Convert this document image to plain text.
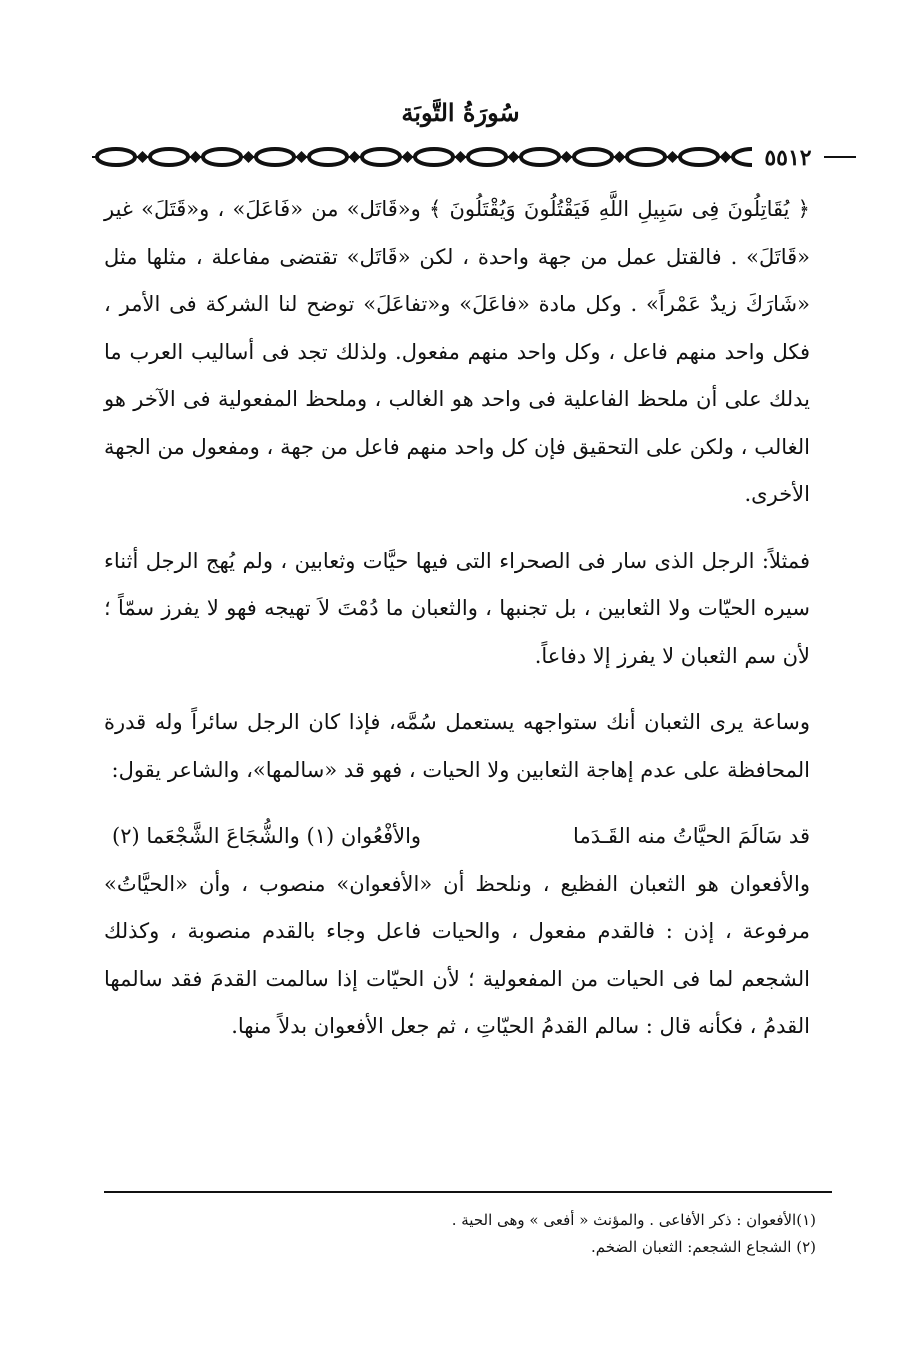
سُورَةُ التَّوبَة
٥٥١٢

﴿ يُقَاتِلُونَ فِى سَبِيلِ اللَّهِ فَيَقْتُلُونَ وَيُقْتَلُونَ ﴾ و«قَاتَل» من «فَاعَلَ» ، و«قَتَلَ» غير «قَاتَلَ» . فالقتل عمل من جهة واحدة ، لكن «قَاتَل» تقتضى مفاعلة ، مثلها مثل «شَارَكَ زيدٌ عَمْراً» . وكل مادة «فاعَلَ» و«تفاعَلَ» توضح لنا الشركة فى الأمر ، فكل واحد منهم فاعل ، وكل واحد منهم مفعول. ولذلك تجد فى أساليب العرب ما يدلك على أن ملحظ الفاعلية فى واحد هو الغالب ، وملحظ المفعولية فى الآخر هو الغالب ، ولكن على التحقيق فإن كل واحد منهم فاعل من جهة ، ومفعول من الجهة الأخرى.

فمثلاً: الرجل الذى سار فى الصحراء التى فيها حيَّات وثعابين ، ولم يُهج الرجل أثناء سيره الحيّات ولا الثعابين ، بل تجنبها ، والثعبان ما دُمْتَ لاَ تهيجه فهو لا يفرز سمّاً ؛ لأن سم الثعبان لا يفرز إلا دفاعاً.

وساعة يرى الثعبان أنك ستواجهه يستعمل سُمَّه، فإذا كان الرجل سائراً وله قدرة المحافظة على عدم إهاجة الثعابين ولا الحيات ، فهو قد «سالمها»، والشاعر يقول:

قد سَالَمَ الحيَّاتُ منه القَـدَما
والأفْعُوان (١) والشُّجَاعَ الشَّجْعَما (٢)

والأفعوان هو الثعبان الفظيع ، ونلحظ أن «الأفعوان» منصوب ، وأن «الحيَّاتُ» مرفوعة ، إذن : فالقدم مفعول ، والحيات فاعل وجاء بالقدم منصوبة ، وكذلك الشجعم لما فى الحيات من المفعولية ؛ لأن الحيّات إذا سالمت القدمَ فقد سالمها القدمُ ، فكأنه قال : سالم القدمُ الحيّاتِ ، ثم جعل الأفعوان بدلاً منها.

(١)الأفعوان : ذكر الأفاعى . والمؤنث « أفعى » وهى الحية .
(٢) الشجاع الشجعم: الثعبان الضخم.
